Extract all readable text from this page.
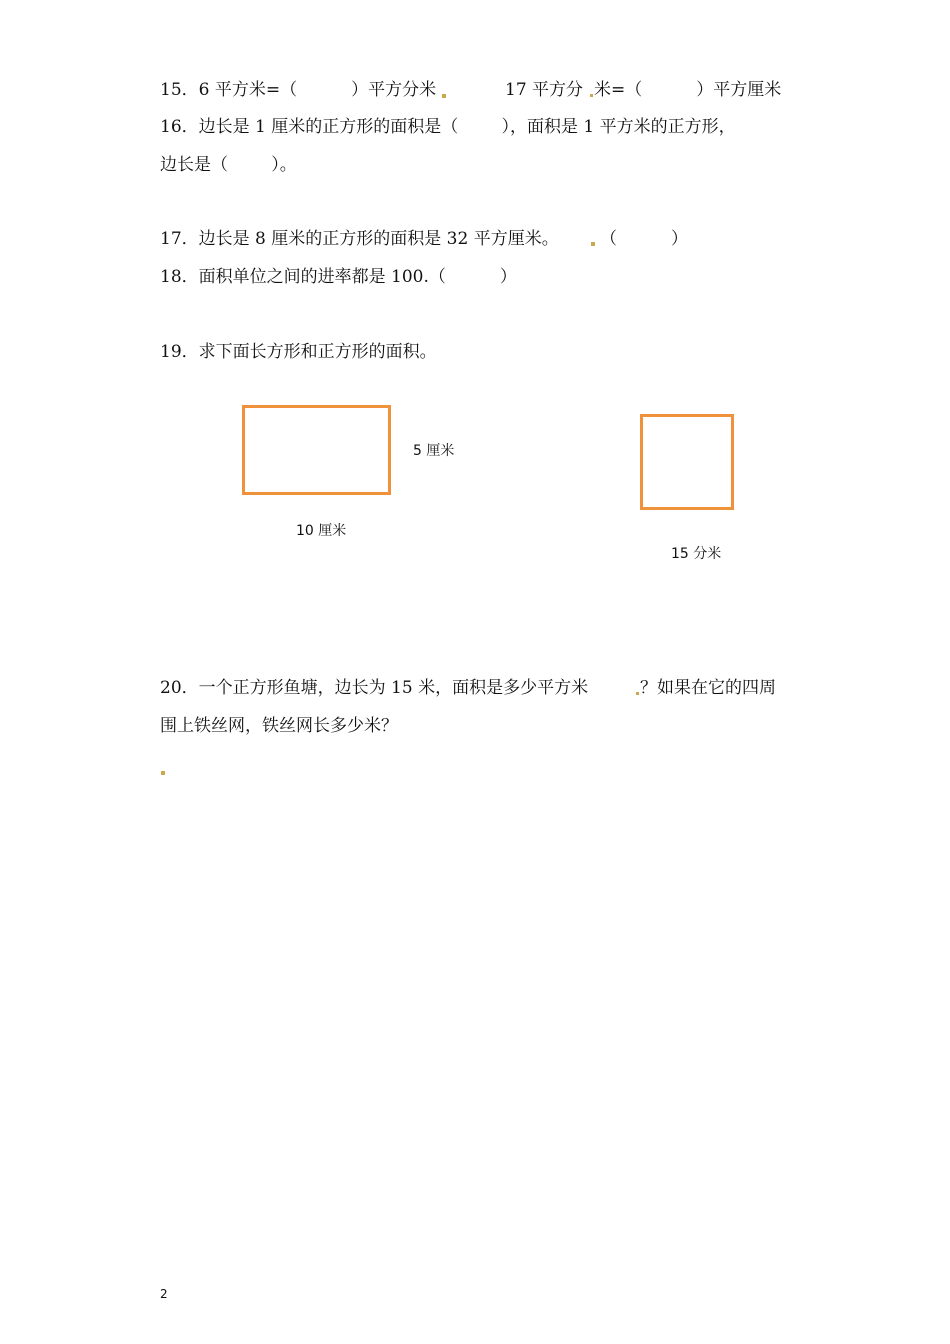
15．6 平方米=（          ）平方分米	17 平方分 米=（          ）平方厘米
16．边长是 1 厘米的正方形的面积是（        ），面积是 1 平方米的正方形，
边长是（        ）。
17．边长是 8 厘米的正方形的面积是 32 平方厘米。 （          ）
18．面积单位之间的进率都是 100.（          ）
19．求下面长方形和正方形的面积。
5 厘米
10 厘米
15 分米
20．一个正方形鱼塘，边长为 15 米，面积是多少平方米	？如果在它的四周
围上铁丝网，铁丝网长多少米？
2
